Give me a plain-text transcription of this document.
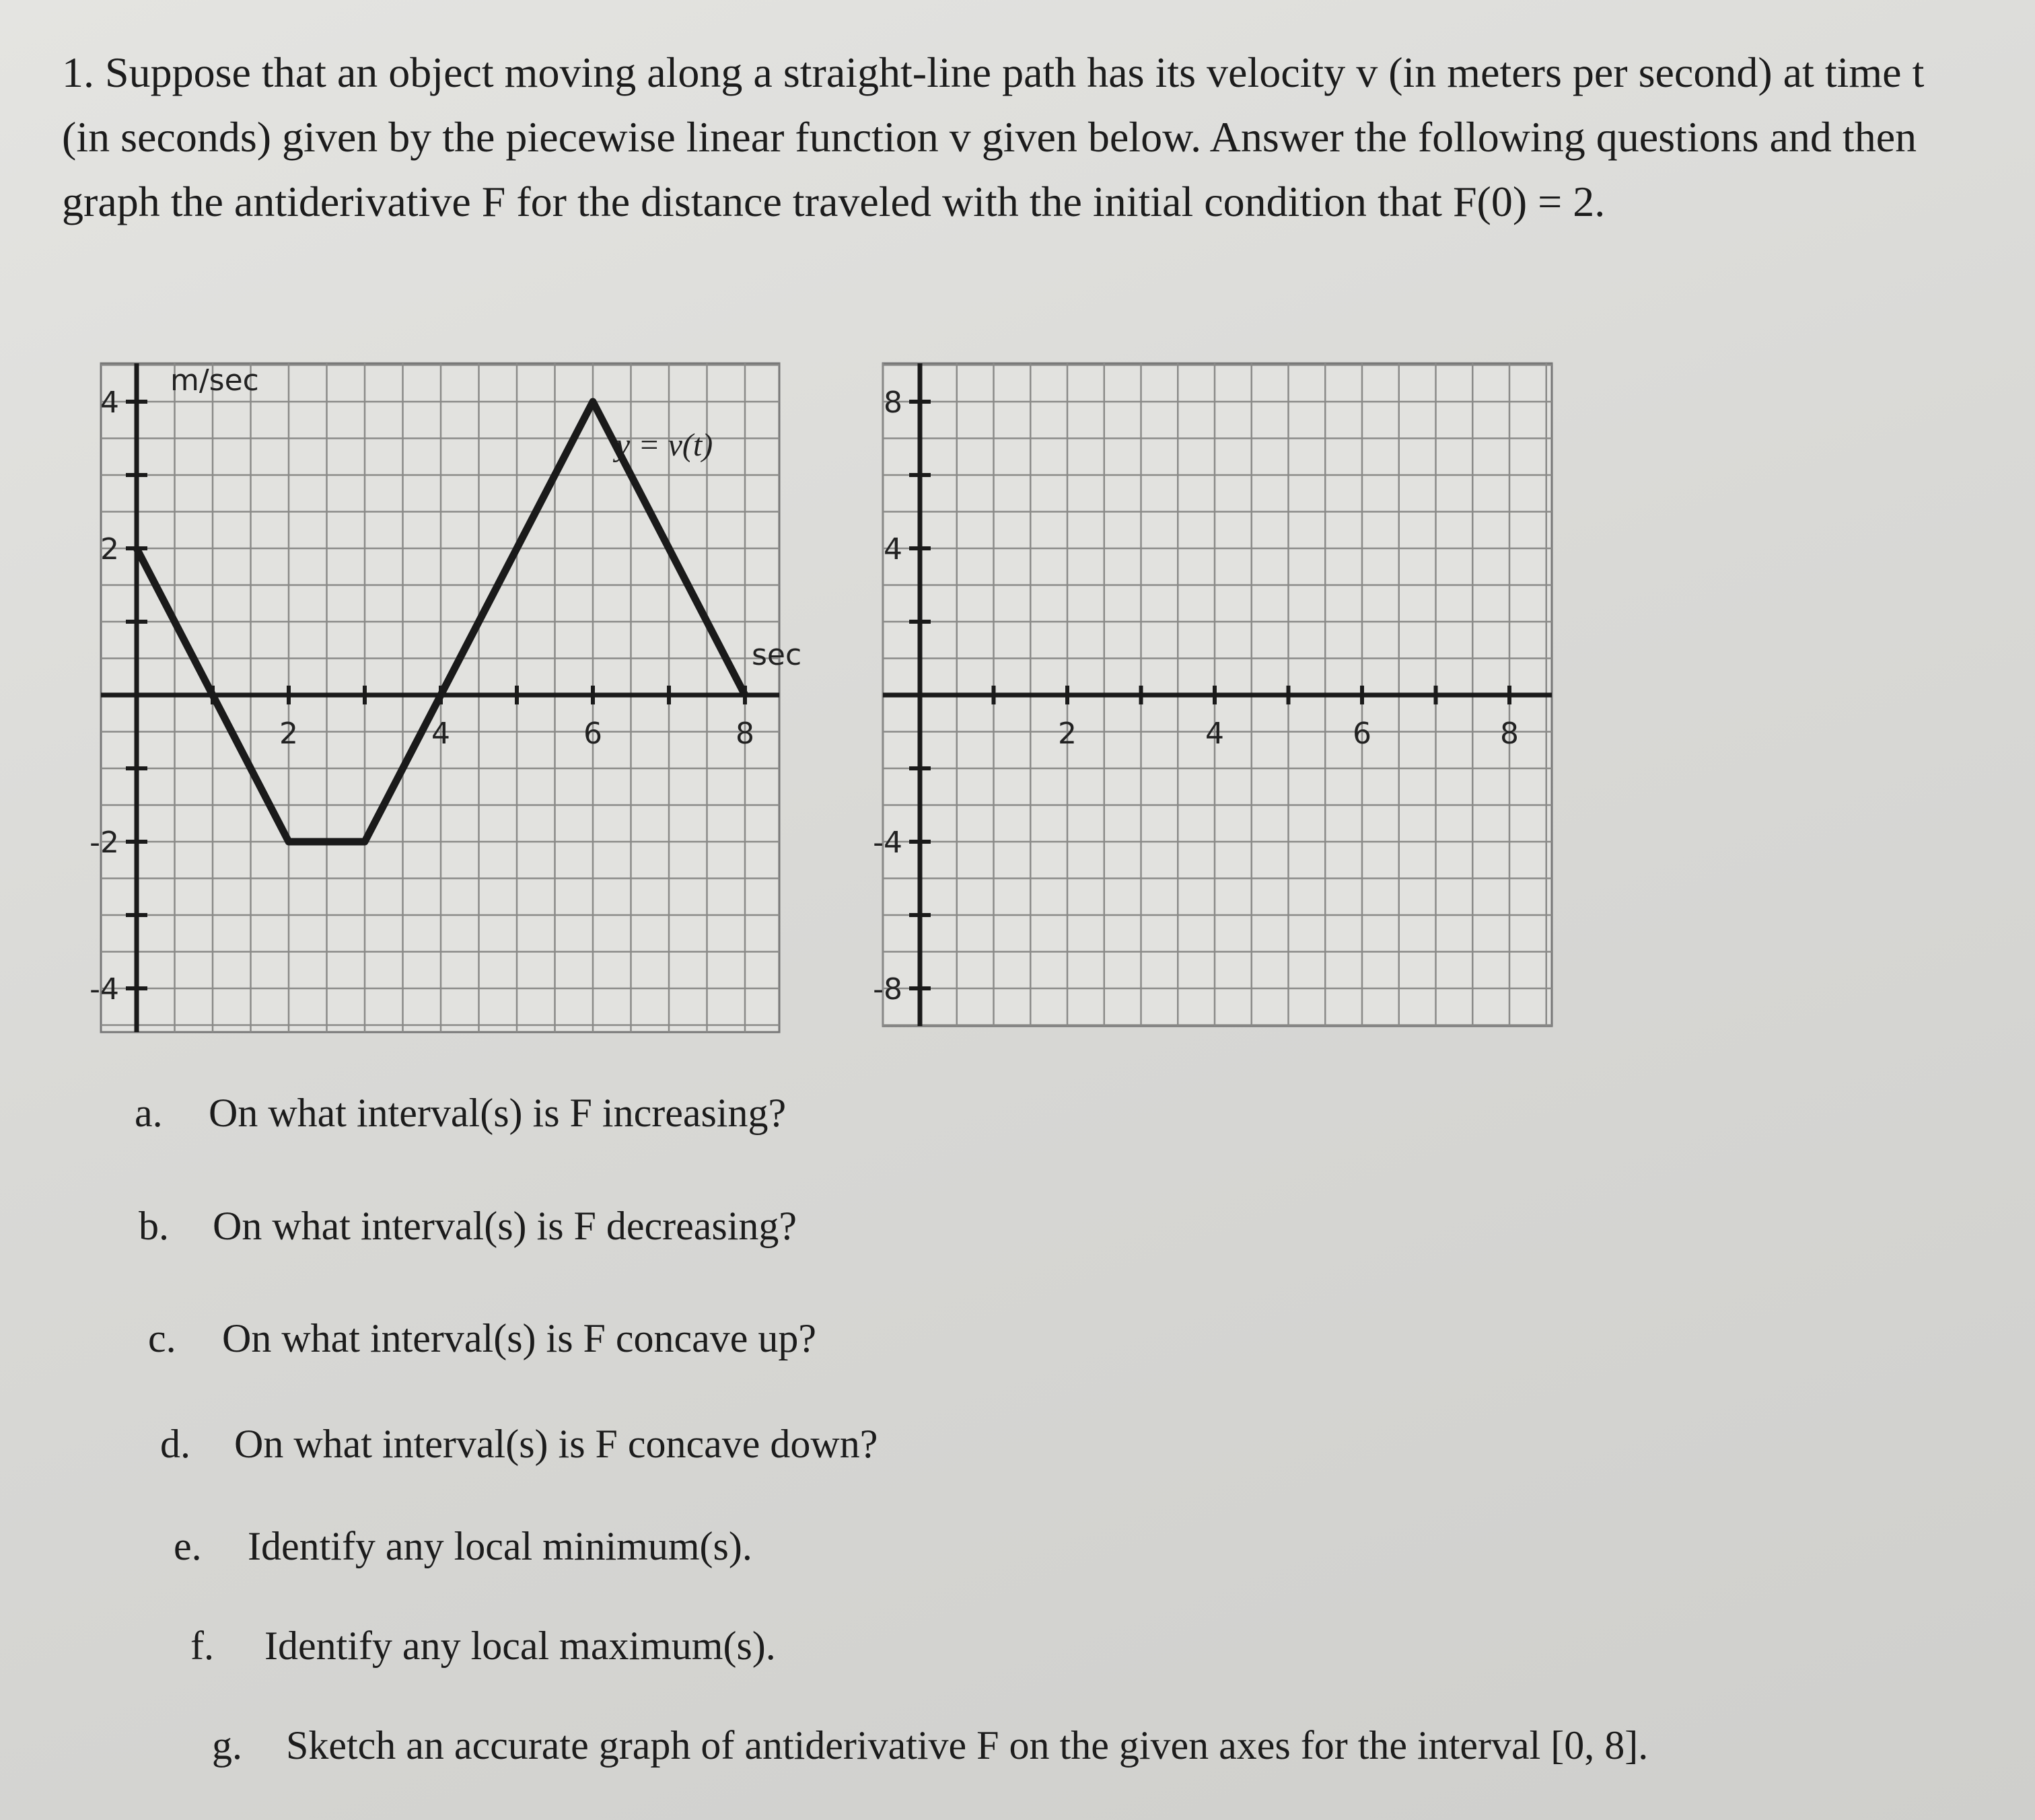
1. Suppose that an object moving along a straight-line path has its velocity v (in meters per second) at time t (in seconds) given by the piecewise linear function v given below. Answer the following questions and then graph the antiderivative F for the distance traveled with the initial condition that F(0) = 2.
2	4	6	8
4
2
-2
-4
m/sec
sec
y = v(t)
2	4	6	8
8
4
-4
-8
a. On what interval(s) is F increasing?
b. On what interval(s) is F decreasing?
c. On what interval(s) is F concave up?
d. On what interval(s) is F concave down?
e. Identify any local minimum(s).
f. Identify any local maximum(s).
g. Sketch an accurate graph of antiderivative F on the given axes for the interval [0, 8].
